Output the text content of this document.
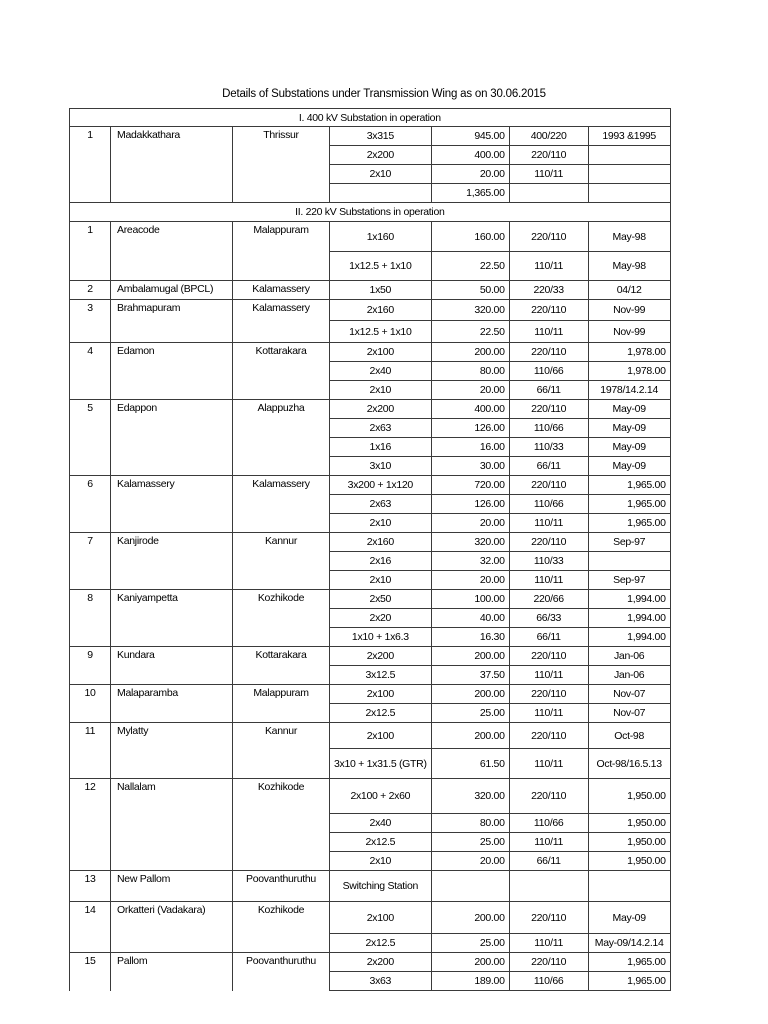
Details of Substations under Transmission Wing as on 30.06.2015
I. 400 kV Substation in operation						
1	Madakkathara	Thrissur	3x315	945.00	400/220	1993 &1995
			2x200	400.00	220/110	
			2x10	20.00	110/11	
				1,365.00		
II. 220 kV Substations in operation						
1	Areacode	Malappuram	1x160	160.00	220/110	May-98
			1x12.5 + 1x10	22.50	110/11	May-98
2	Ambalamugal (BPCL)	Kalamassery	1x50	50.00	220/33	04/12
3	Brahmapuram	Kalamassery	2x160	320.00	220/110	Nov-99
			1x12.5 + 1x10	22.50	110/11	Nov-99
4	Edamon	Kottarakara	2x100	200.00	220/110	1,978.00
			2x40	80.00	110/66	1,978.00
			2x10	20.00	66/11	1978/14.2.14
5	Edappon	Alappuzha	2x200	400.00	220/110	May-09
			2x63	126.00	110/66	May-09
			1x16	16.00	110/33	May-09
			3x10	30.00	66/11	May-09
6	Kalamassery	Kalamassery	3x200 + 1x120	720.00	220/110	1,965.00
			2x63	126.00	110/66	1,965.00
			2x10	20.00	110/11	1,965.00
7	Kanjirode	Kannur	2x160	320.00	220/110	Sep-97
			2x16	32.00	110/33	
			2x10	20.00	110/11	Sep-97
8	Kaniyampetta	Kozhikode	2x50	100.00	220/66	1,994.00
			2x20	40.00	66/33	1,994.00
			1x10 + 1x6.3	16.30	66/11	1,994.00
9	Kundara	Kottarakara	2x200	200.00	220/110	Jan-06
			3x12.5	37.50	110/11	Jan-06
10	Malaparamba	Malappuram	2x100	200.00	220/110	Nov-07
			2x12.5	25.00	110/11	Nov-07
11	Mylatty	Kannur	2x100	200.00	220/110	Oct-98
			3x10 + 1x31.5 (GTR)	61.50	110/11	Oct-98/16.5.13
12	Nallalam	Kozhikode	2x100 + 2x60	320.00	220/110	1,950.00
			2x40	80.00	110/66	1,950.00
			2x12.5	25.00	110/11	1,950.00
			2x10	20.00	66/11	1,950.00
13	New Pallom	Poovanthuruthu	Switching Station			
14	Orkatteri (Vadakara)	Kozhikode	2x100	200.00	220/110	May-09
			2x12.5	25.00	110/11	May-09/14.2.14
15	Pallom	Poovanthuruthu	2x200	200.00	220/110	1,965.00
			3x63	189.00	110/66	1,965.00
